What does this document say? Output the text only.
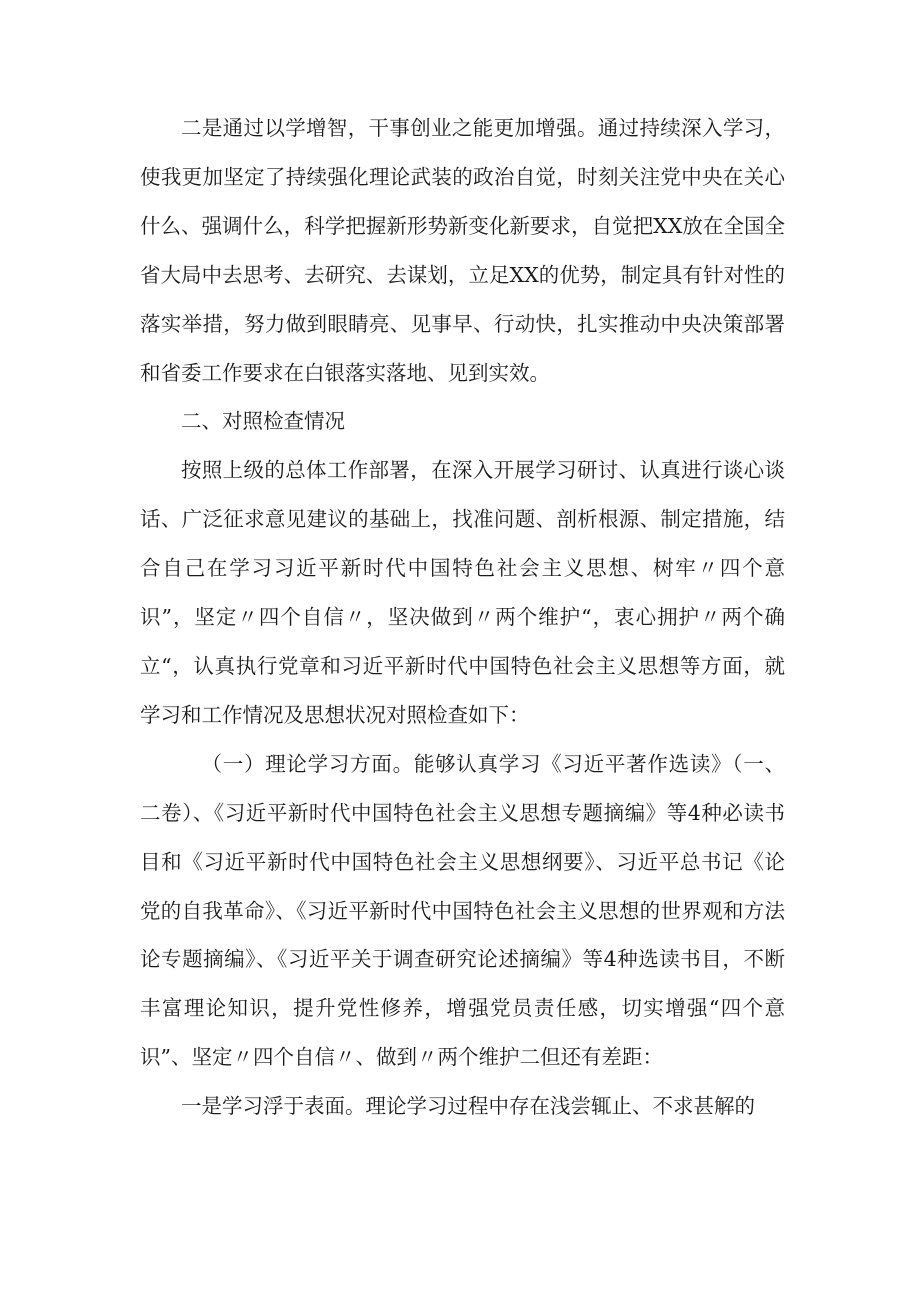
二是通过以学增智，干事创业之能更加增强。通过持续深入学习，使我更加坚定了持续强化理论武装的政治自觉，时刻关注党中央在关心什么、强调什么，科学把握新形势新变化新要求，自觉把XX放在全国全省大局中去思考、去研究、去谋划，立足XX的优势，制定具有针对性的落实举措，努力做到眼睛亮、见事早、行动快，扎实推动中央决策部署和省委工作要求在白银落实落地、见到实效。

二、对照检查情况

按照上级的总体工作部署，在深入开展学习研讨、认真进行谈心谈话、广泛征求意见建议的基础上，找准问题、剖析根源、制定措施，结合自己在学习习近平新时代中国特色社会主义思想、树牢〃四个意识”，坚定〃四个自信〃，坚决做到〃两个维护“，衷心拥护〃两个确立“，认真执行党章和习近平新时代中国特色社会主义思想等方面，就学习和工作情况及思想状况对照检查如下：

（一）理论学习方面。能够认真学习《习近平著作选读》（一、二卷）、《习近平新时代中国特色社会主义思想专题摘编》等4种必读书目和《习近平新时代中国特色社会主义思想纲要》、习近平总书记《论党的自我革命》、《习近平新时代中国特色社会主义思想的世界观和方法论专题摘编》、《习近平关于调查研究论述摘编》等4种选读书目，不断丰富理论知识，提升党性修养，增强党员责任感，切实增强“四个意识”、坚定〃四个自信〃、做到〃两个维护二但还有差距：

一是学习浮于表面。理论学习过程中存在浅尝辄止、不求甚解的
